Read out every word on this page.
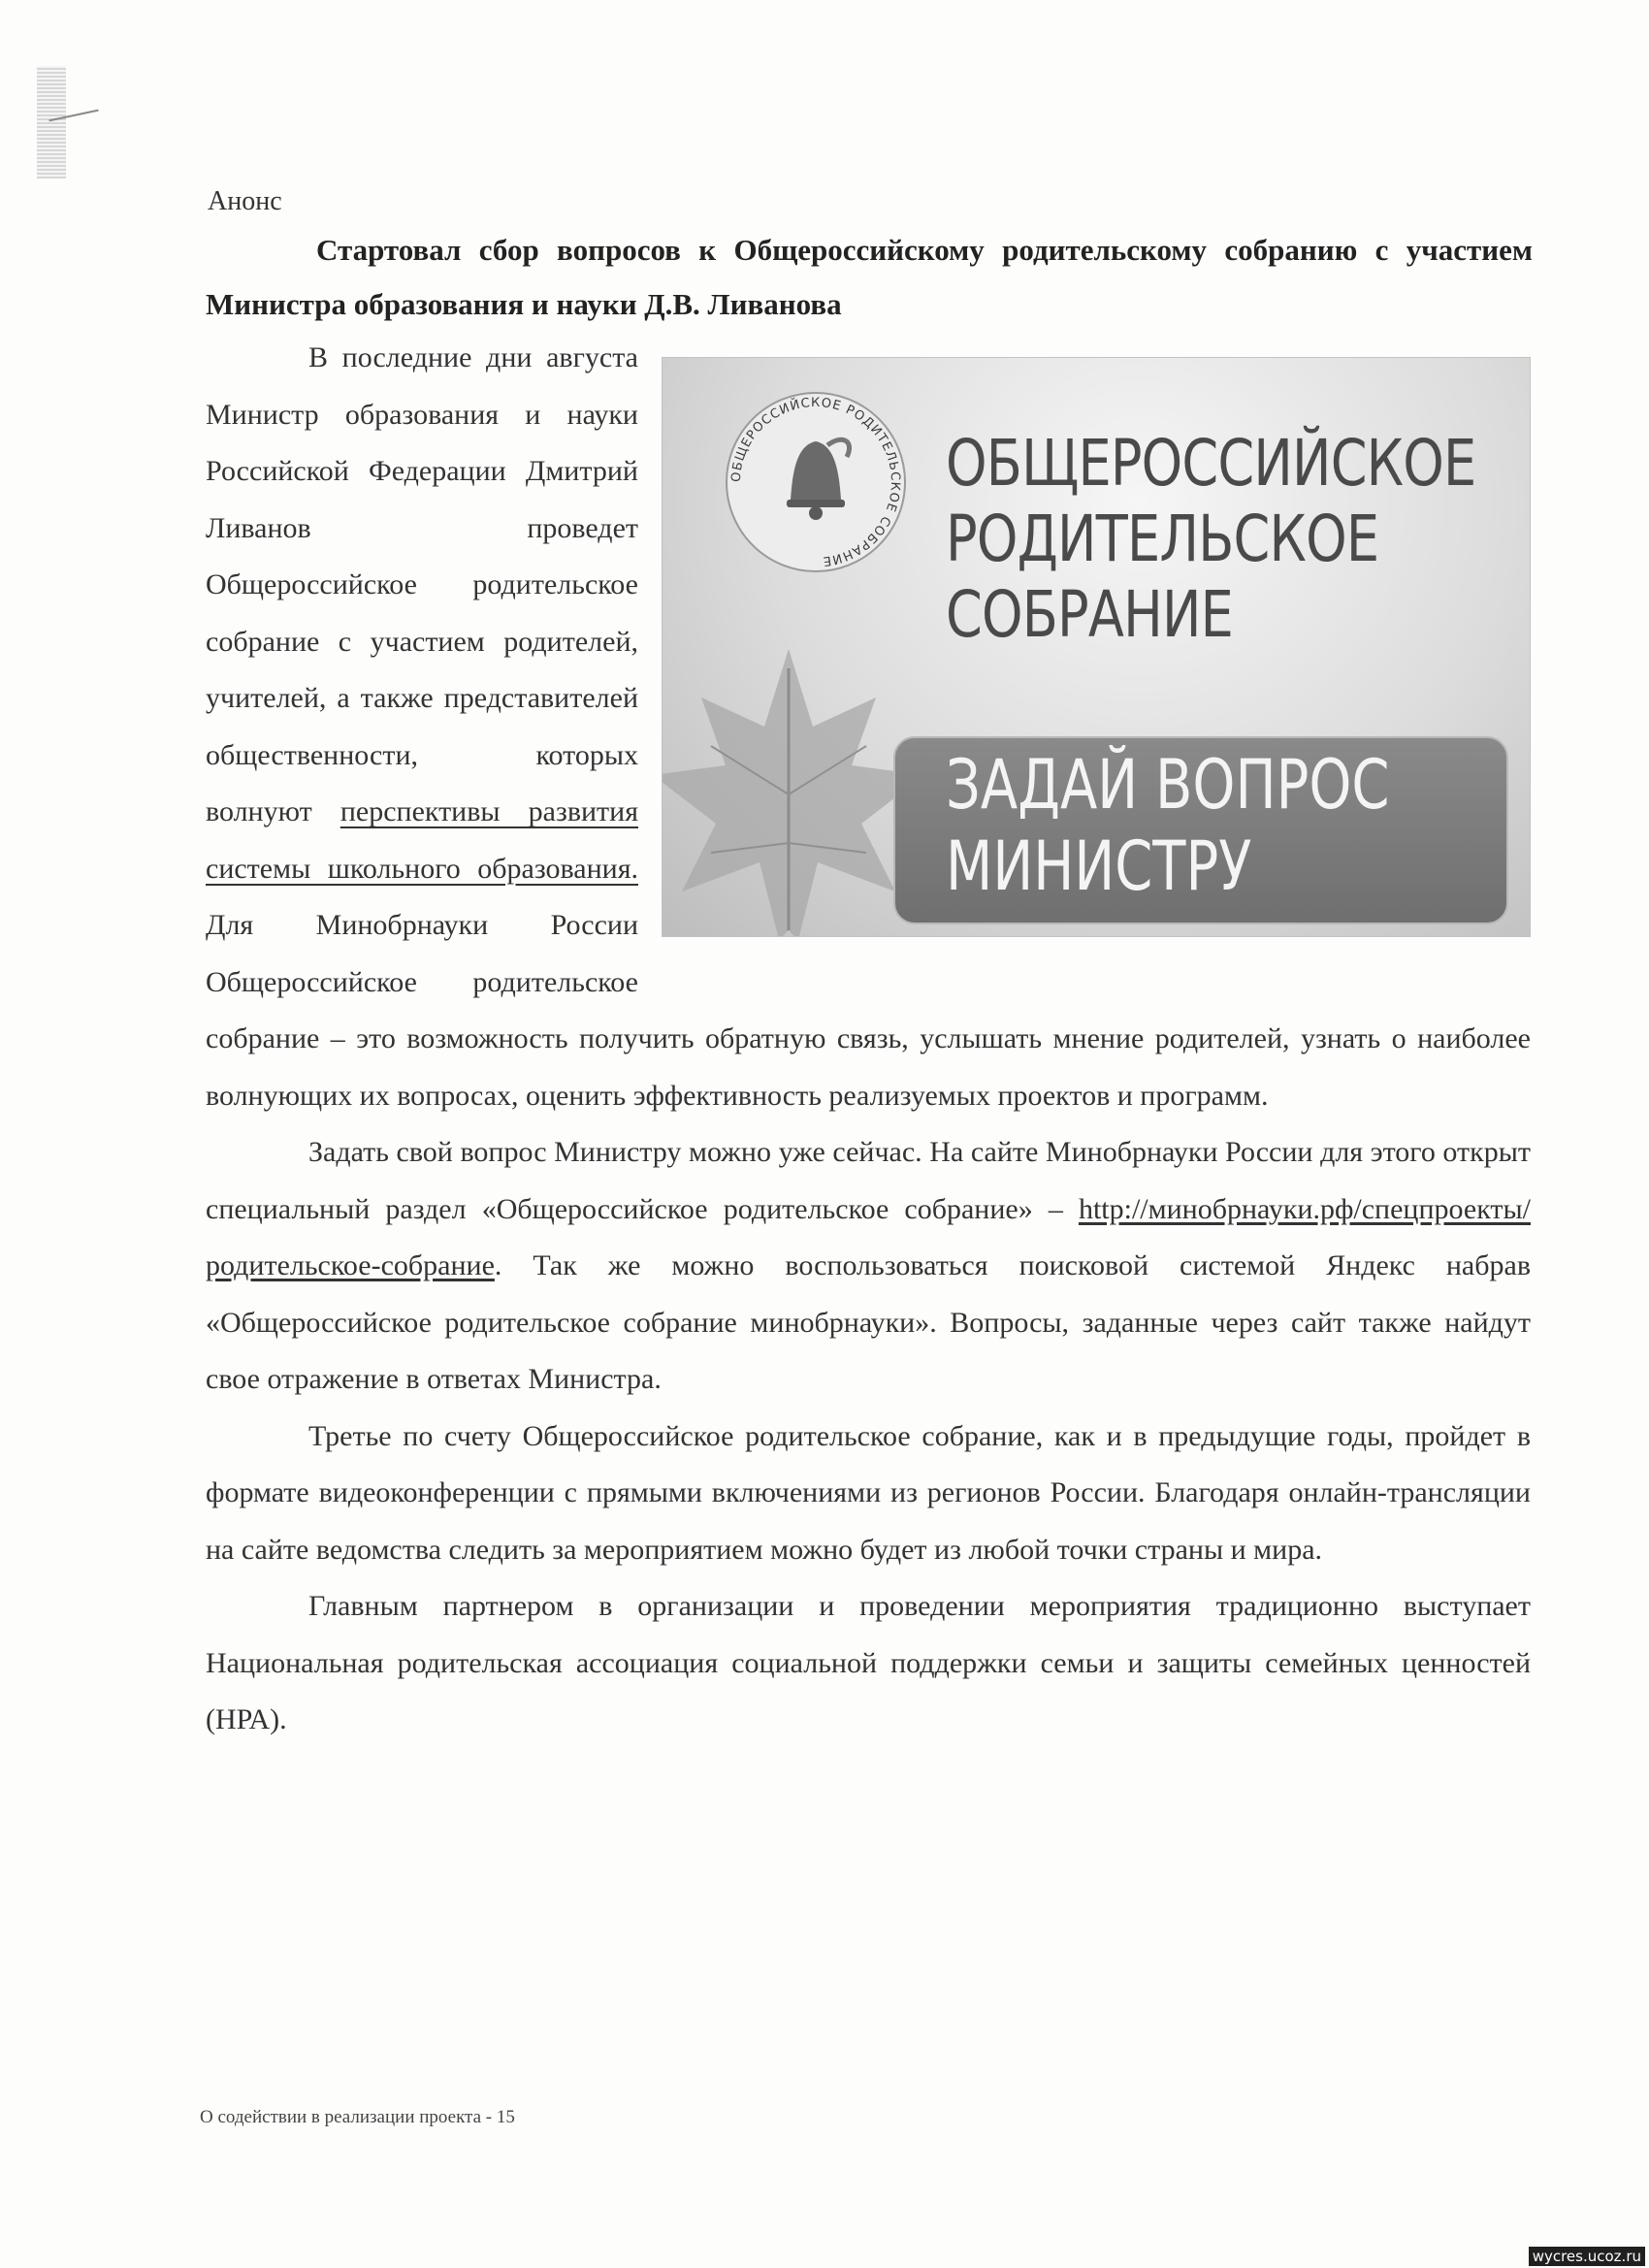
Анонс
Стартовал сбор вопросов к Общероссийскому родительскому собранию с участием Министра образования и науки Д.В. Ливанова
ОБЩЕРОССИЙСКОЕ РОДИТЕЛЬСКОЕ СОБРАНИЕ
ОБЩЕРОССИЙСКОЕ
РОДИТЕЛЬСКОЕ
СОБРАНИЕ
ЗАДАЙ ВОПРОС
МИНИСТРУ

В последние дни августа Министр образования и науки Российской Федерации Дмитрий Ливанов проведет Общероссийское родительское собрание с участием родителей, учителей, а также представителей общественности, которых волнуют перспективы развития системы школьного образования. Для Минобрнауки России Общероссийское родительское собрание – это возможность получить обратную связь, услышать мнение родителей, узнать о наиболее волнующих их вопросах, оценить эффективность реализуемых проектов и программ.

Задать свой вопрос Министру можно уже сейчас. На сайте Минобрнауки России для этого открыт специальный раздел «Общероссийское родительское собрание» – http://минобрнауки.рф/спецпроекты/родительское-собрание. Так же можно воспользоваться поисковой системой Яндекс набрав «Общероссийское родительское собрание минобрнауки». Вопросы, заданные через сайт также найдут свое отражение в ответах Министра.

Третье по счету Общероссийское родительское собрание, как и в предыдущие годы, пройдет в формате видеоконференции с прямыми включениями из регионов России. Благодаря онлайн-трансляции на сайте ведомства следить за мероприятием можно будет из любой точки страны и мира.

Главным партнером в организации и проведении мероприятия традиционно выступает Национальная родительская ассоциация социальной поддержки семьи и защиты семейных ценностей (НРА).

О содействии в реализации проекта - 15
wycres.ucoz.ru
